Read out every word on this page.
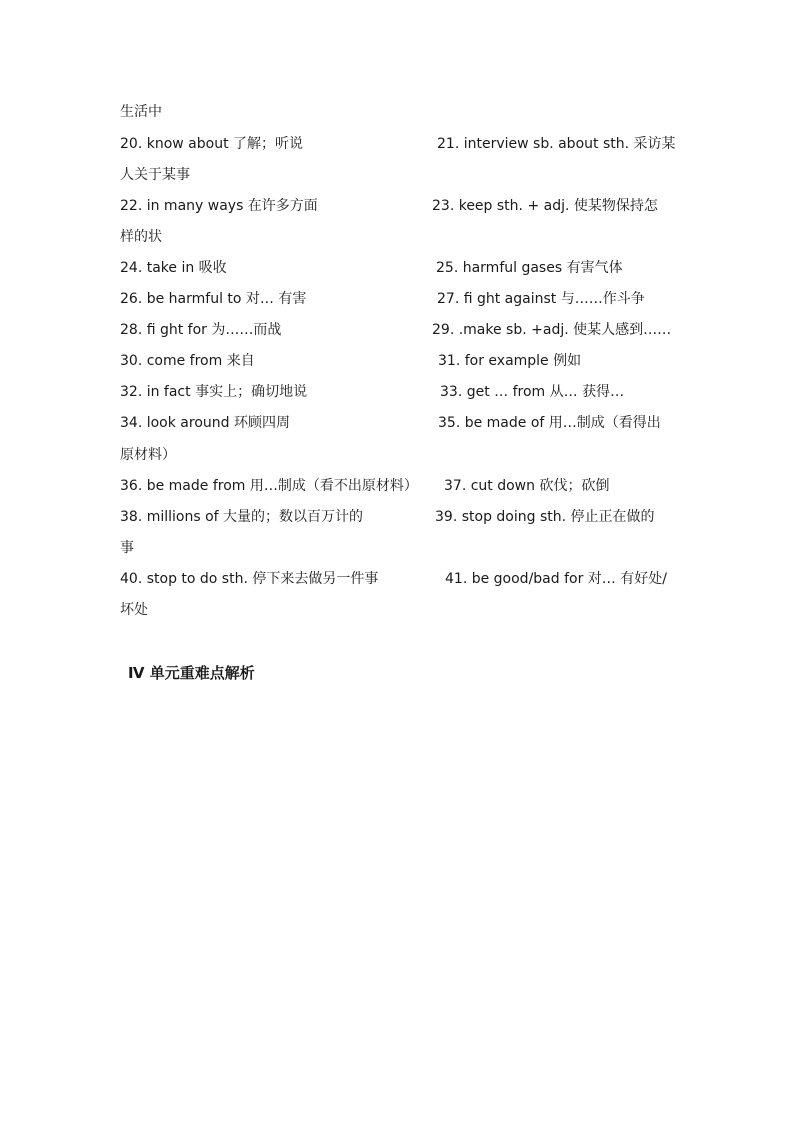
生活中
20. know about 了解；听说	21. interview sb. about sth. 采访某
人关于某事
22. in many ways 在许多方面	23. keep sth. + adj. 使某物保持怎
样的状
24. take in 吸收	25. harmful gases 有害气体
26. be harmful to 对… 有害	27. fi ght against 与……作斗争
28. fi ght for 为……而战	29. .make sb. +adj. 使某人感到……
30. come from 来自	31. for example 例如
32. in fact 事实上；确切地说	33. get … from 从… 获得…
34. look around 环顾四周	35. be made of 用…制成（看得出
原材料）
36. be made from 用…制成（看不出原材料） 37. cut down 砍伐；砍倒
38. millions of 大量的；数以百万计的	39. stop doing sth. 停止正在做的
事
40. stop to do sth. 停下来去做另一件事	41. be good/bad for 对… 有好处/
坏处
Ⅳ 单元重难点解析
